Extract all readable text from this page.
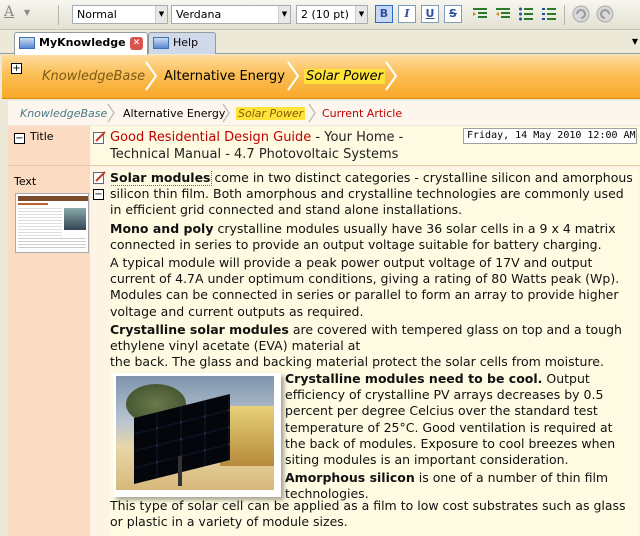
A ▼	Normal	▼	Verdana	▼	2 (10 pt)	▼	B	I	U	S
MyKnowledge ✕	Help	▼
+
KnowledgeBase Alternative Energy Solar Power
KnowledgeBase Alternative Energy Solar Power Current Article
− Title
Text
Good Residential Design Guide - Your Home - Technical Manual - 4.7 Photovoltaic Systems
Friday, 14 May 2010 12:00 AM
−

Solar modules come in two distinct categories - crystalline silicon and amorphous silicon thin film. Both amorphous and crystalline technologies are commonly used in efficient grid connected and stand alone installations.

Mono and poly crystalline modules usually have 36 solar cells in a 9 x 4 matrix connected in series to provide an output voltage suitable for battery charging.

A typical module will provide a peak power output voltage of 17V and output current of 4.7A under optimum conditions, giving a rating of 80 Watts peak (Wp). Modules can be connected in series or parallel to form an array to provide higher voltage and current outputs as required.

Crystalline solar modules are covered with tempered glass on top and a tough ethylene vinyl acetate (EVA) material at
the back. The glass and backing material protect the solar cells from moisture.

Crystalline modules need to be cool. Output efficiency of crystalline PV arrays decreases by 0.5 percent per degree Celcius over the standard test temperature of 25°C. Good ventilation is required at the back of modules. Exposure to cool breezes when siting modules is an important consideration.

Amorphous silicon is one of a number of thin film technologies.

This type of solar cell can be applied as a film to low cost substrates such as glass or plastic in a variety of module sizes.
